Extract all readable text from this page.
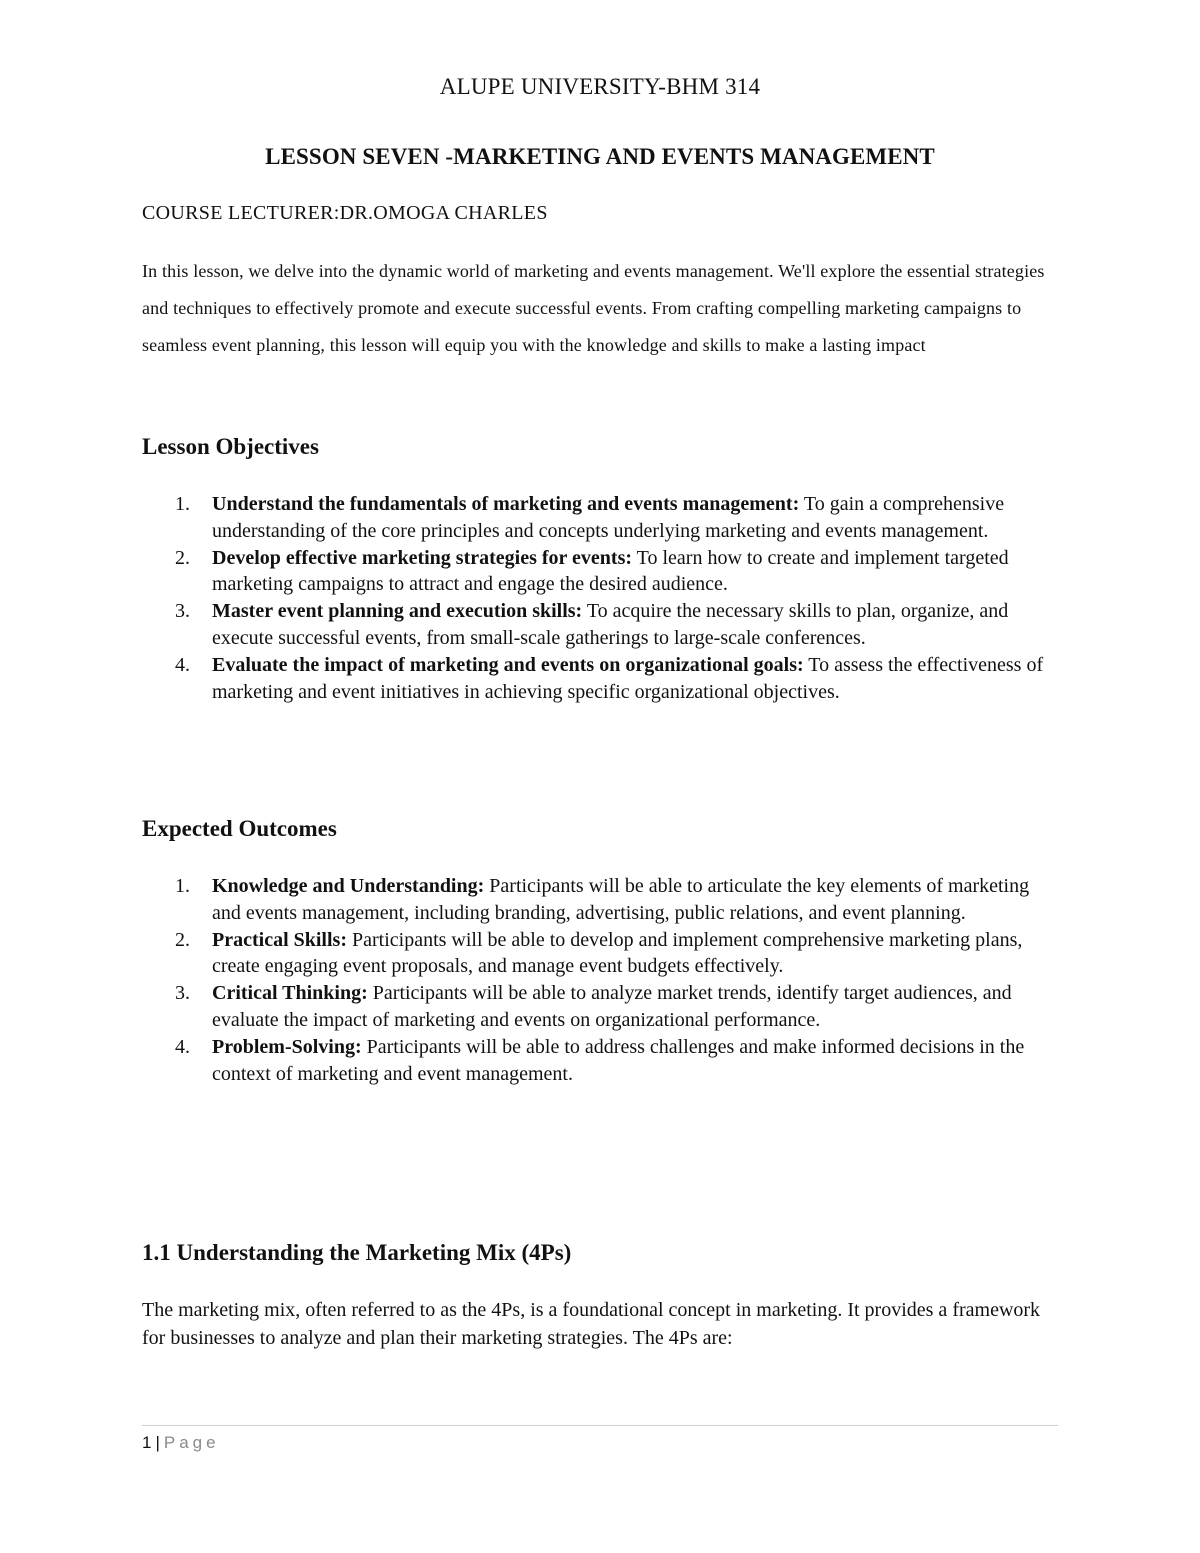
ALUPE UNIVERSITY-BHM 314
LESSON SEVEN -MARKETING AND EVENTS MANAGEMENT
COURSE LECTURER:DR.OMOGA CHARLES

In this lesson, we delve into the dynamic world of marketing and events management. We'll explore the essential strategies and techniques to effectively promote and execute successful events. From crafting compelling marketing campaigns to seamless event planning, this lesson will equip you with the knowledge and skills to make a lasting impact

Lesson Objectives
1. Understand the fundamentals of marketing and events management: To gain a comprehensive understanding of the core principles and concepts underlying marketing and events management.
2. Develop effective marketing strategies for events: To learn how to create and implement targeted marketing campaigns to attract and engage the desired audience.
3. Master event planning and execution skills: To acquire the necessary skills to plan, organize, and execute successful events, from small-scale gatherings to large-scale conferences.
4. Evaluate the impact of marketing and events on organizational goals: To assess the effectiveness of marketing and event initiatives in achieving specific organizational objectives.
Expected Outcomes
1. Knowledge and Understanding: Participants will be able to articulate the key elements of marketing and events management, including branding, advertising, public relations, and event planning.
2. Practical Skills: Participants will be able to develop and implement comprehensive marketing plans, create engaging event proposals, and manage event budgets effectively.
3. Critical Thinking: Participants will be able to analyze market trends, identify target audiences, and evaluate the impact of marketing and events on organizational performance.
4. Problem-Solving: Participants will be able to address challenges and make informed decisions in the context of marketing and event management.
1.1 Understanding the Marketing Mix (4Ps)

The marketing mix, often referred to as the 4Ps, is a foundational concept in marketing. It provides a framework for businesses to analyze and plan their marketing strategies. The 4Ps are:

1 | Page
